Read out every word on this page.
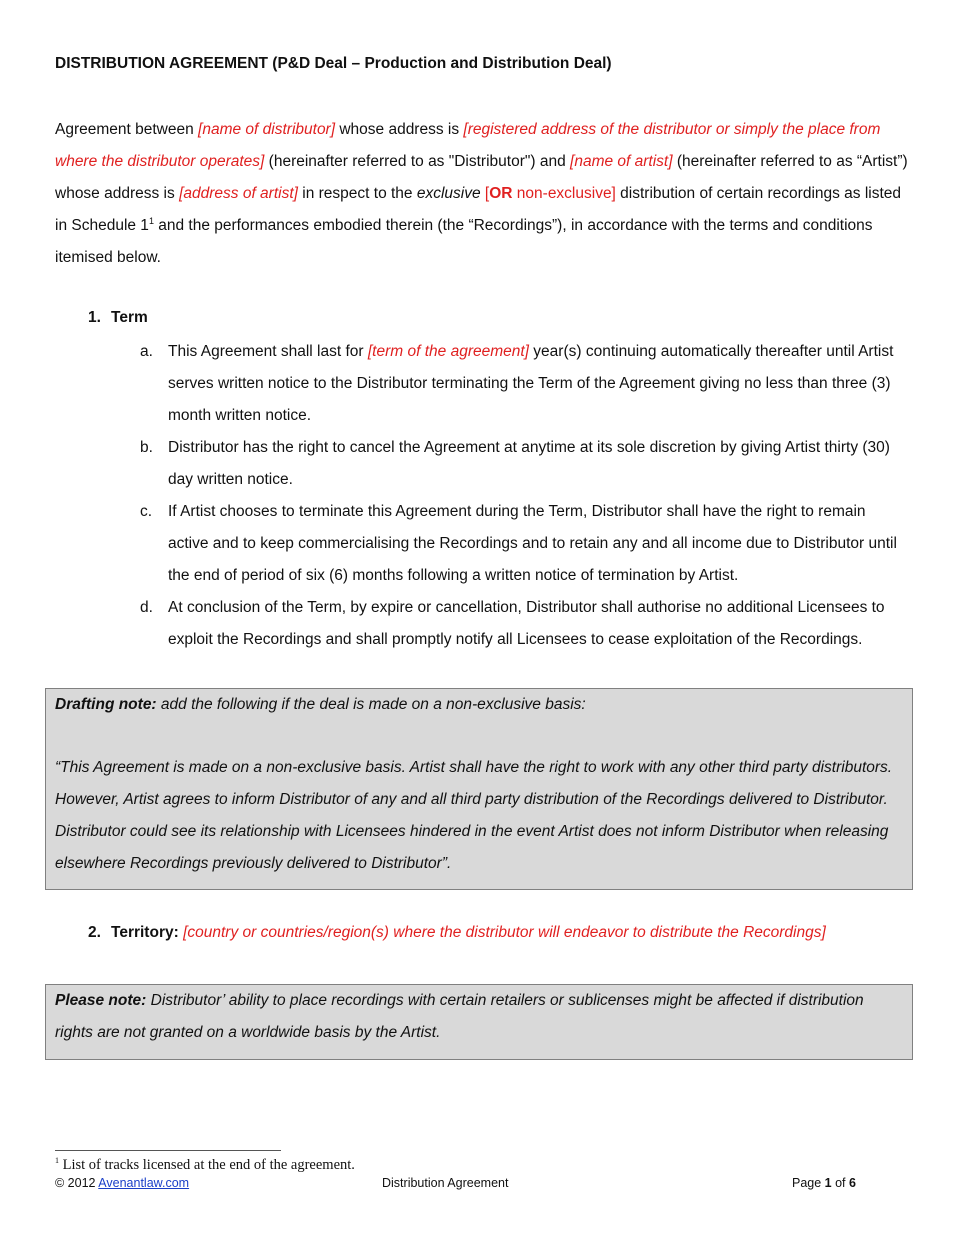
DISTRIBUTION AGREEMENT (P&D Deal – Production and Distribution Deal)
Agreement between [name of distributor] whose address is [registered address of the distributor or simply the place from where the distributor operates] (hereinafter referred to as "Distributor") and [name of artist] (hereinafter referred to as “Artist”) whose address is [address of artist] in respect to the exclusive [OR non-exclusive] distribution of certain recordings as listed in Schedule $1^1$ and the performances embodied therein (the “Recordings”), in accordance with the terms and conditions itemised below.
1. Term
a. This Agreement shall last for [term of the agreement] year(s) continuing automatically thereafter until Artist serves written notice to the Distributor terminating the Term of the Agreement giving no less than three (3) month written notice.
b. Distributor has the right to cancel the Agreement at anytime at its sole discretion by giving Artist thirty (30) day written notice.
c.	If Artist chooses to terminate this Agreement during the Term, Distributor shall have the right to remain active and to keep commercialising the Recordings and to retain any and all income due to Distributor until the end of period of six (6) months following a written notice of termination by Artist.
d. At conclusion of the Term, by expire or cancellation, Distributor shall authorise no additional Licensees to exploit the Recordings and shall promptly notify all Licensees to cease exploitation of the Recordings.

Drafting note: add the following if the deal is made on a non-exclusive basis:

“This Agreement is made on a non-exclusive basis. Artist shall have the right to work with any other third party distributors. However, Artist agrees to inform Distributor of any and all third party distribution of the Recordings delivered to Distributor. Distributor could see its relationship with Licensees hindered in the event Artist does not inform Distributor when releasing elsewhere Recordings previously delivered to Distributor”.

2. Territory: [country or countries/region(s) where the distributor will endeavor to distribute the Recordings]

Please note: Distributor’ ability to place recordings with certain retailers or sublicenses might be affected if distribution rights are not granted on a worldwide basis by the Artist.

$^1$ List of tracks licensed at the end of the agreement.
© 2012 Avenantlaw.com	Distribution Agreement	Page 1 of 6
